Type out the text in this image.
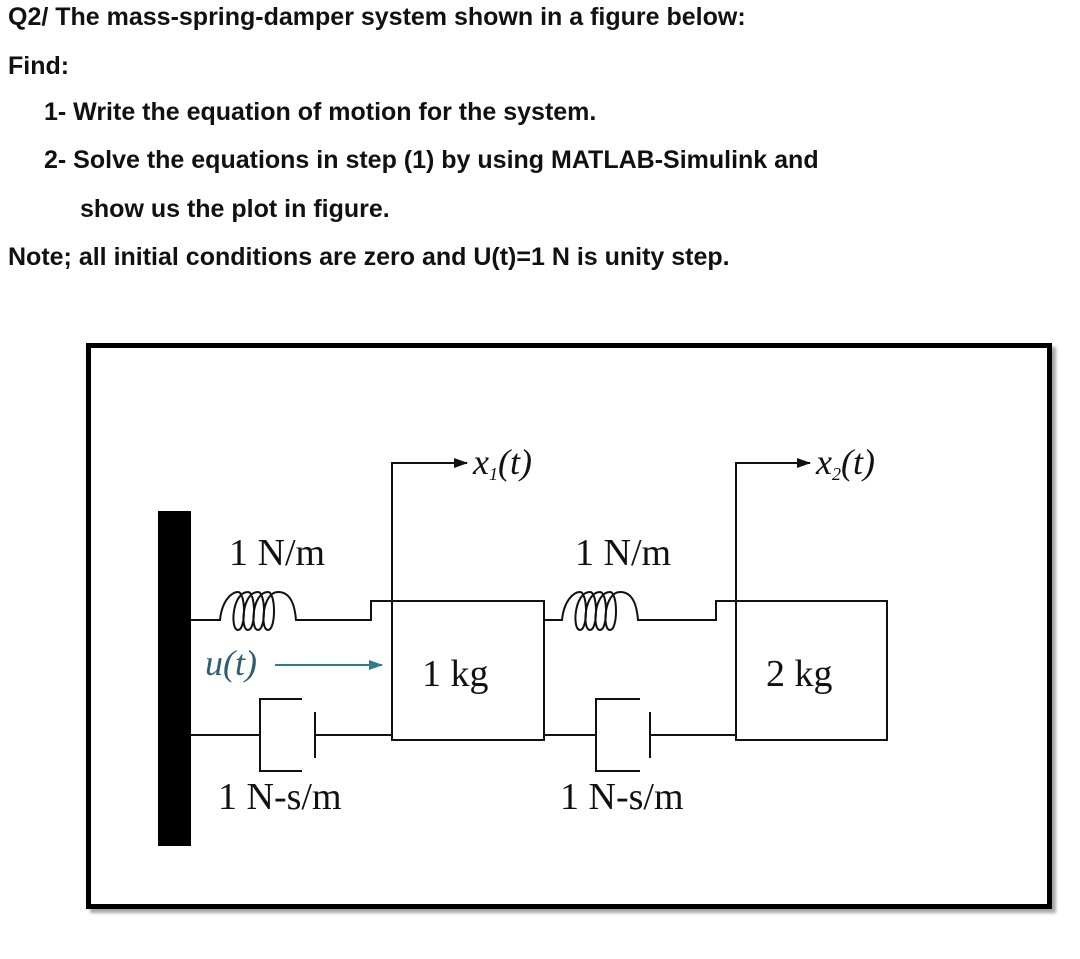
Q2/ The mass-spring-damper system shown in a figure below:
Find:
1- Write the equation of motion for the system.
2- Solve the equations in step (1) by using MATLAB-Simulink and
show us the plot in figure.
Note; all initial conditions are zero and U(t)=1 N is unity step.
1 N/m	1 N/m
1 N-s/m	1 N-s/m
1 kg	2 kg
u(t)
x1(t)	x2(t)
